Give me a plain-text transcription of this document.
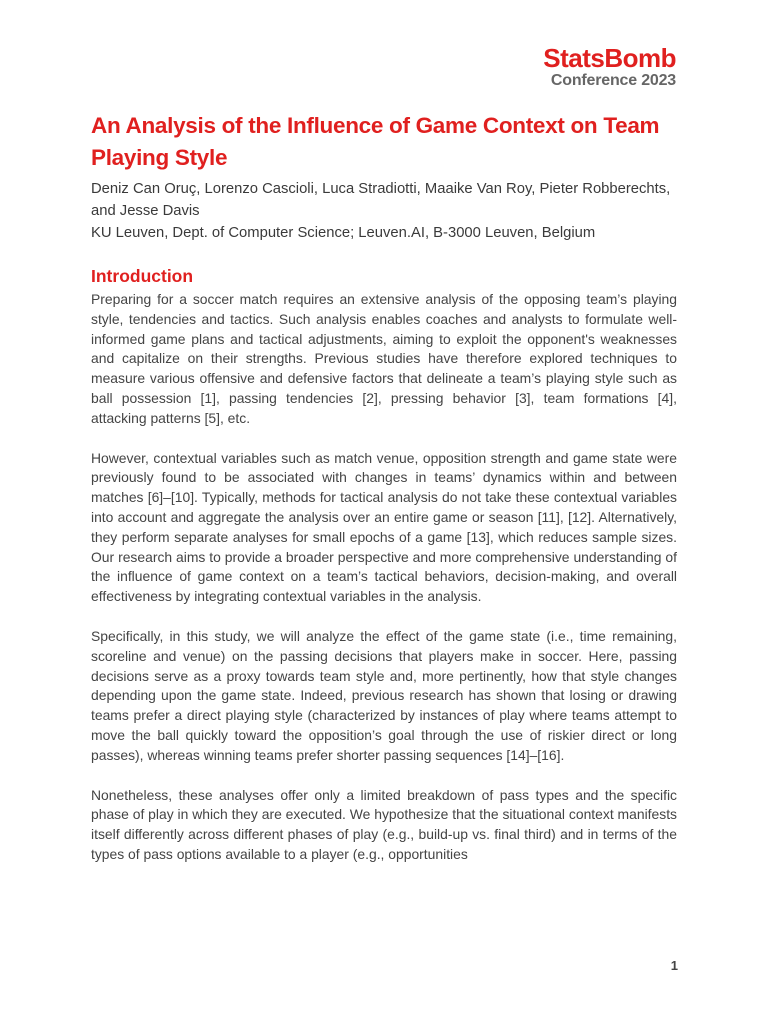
StatsBomb
Conference 2023
An Analysis of the Influence of Game Context on Team Playing Style
Deniz Can Oruç, Lorenzo Cascioli, Luca Stradiotti, Maaike Van Roy, Pieter Robberechts, and Jesse Davis
KU Leuven, Dept. of Computer Science; Leuven.AI, B-3000 Leuven, Belgium
Introduction

Preparing for a soccer match requires an extensive analysis of the opposing team’s playing style, tendencies and tactics. Such analysis enables coaches and analysts to formulate well-informed game plans and tactical adjustments, aiming to exploit the opponent's weaknesses and capitalize on their strengths. Previous studies have therefore explored techniques to measure various offensive and defensive factors that delineate a team’s playing style such as ball possession [1], passing tendencies [2], pressing behavior [3], team formations [4], attacking patterns [5], etc.

However, contextual variables such as match venue, opposition strength and game state were previously found to be associated with changes in teams’ dynamics within and between matches [6]–[10]. Typically, methods for tactical analysis do not take these contextual variables into account and aggregate the analysis over an entire game or season [11], [12]. Alternatively, they perform separate analyses for small epochs of a game [13], which reduces sample sizes. Our research aims to provide a broader perspective and more comprehensive understanding of the influence of game context on a team’s tactical behaviors, decision-making, and overall effectiveness by integrating contextual variables in the analysis.

Specifically, in this study, we will analyze the effect of the game state (i.e., time remaining, scoreline and venue) on the passing decisions that players make in soccer. Here, passing decisions serve as a proxy towards team style and, more pertinently, how that style changes depending upon the game state. Indeed, previous research has shown that losing or drawing teams prefer a direct playing style (characterized by instances of play where teams attempt to move the ball quickly toward the opposition’s goal through the use of riskier direct or long passes), whereas winning teams prefer shorter passing sequences [14]–[16].

Nonetheless, these analyses offer only a limited breakdown of pass types and the specific phase of play in which they are executed. We hypothesize that the situational context manifests itself differently across different phases of play (e.g., build-up vs. final third) and in terms of the types of pass options available to a player (e.g., opportunities

1
